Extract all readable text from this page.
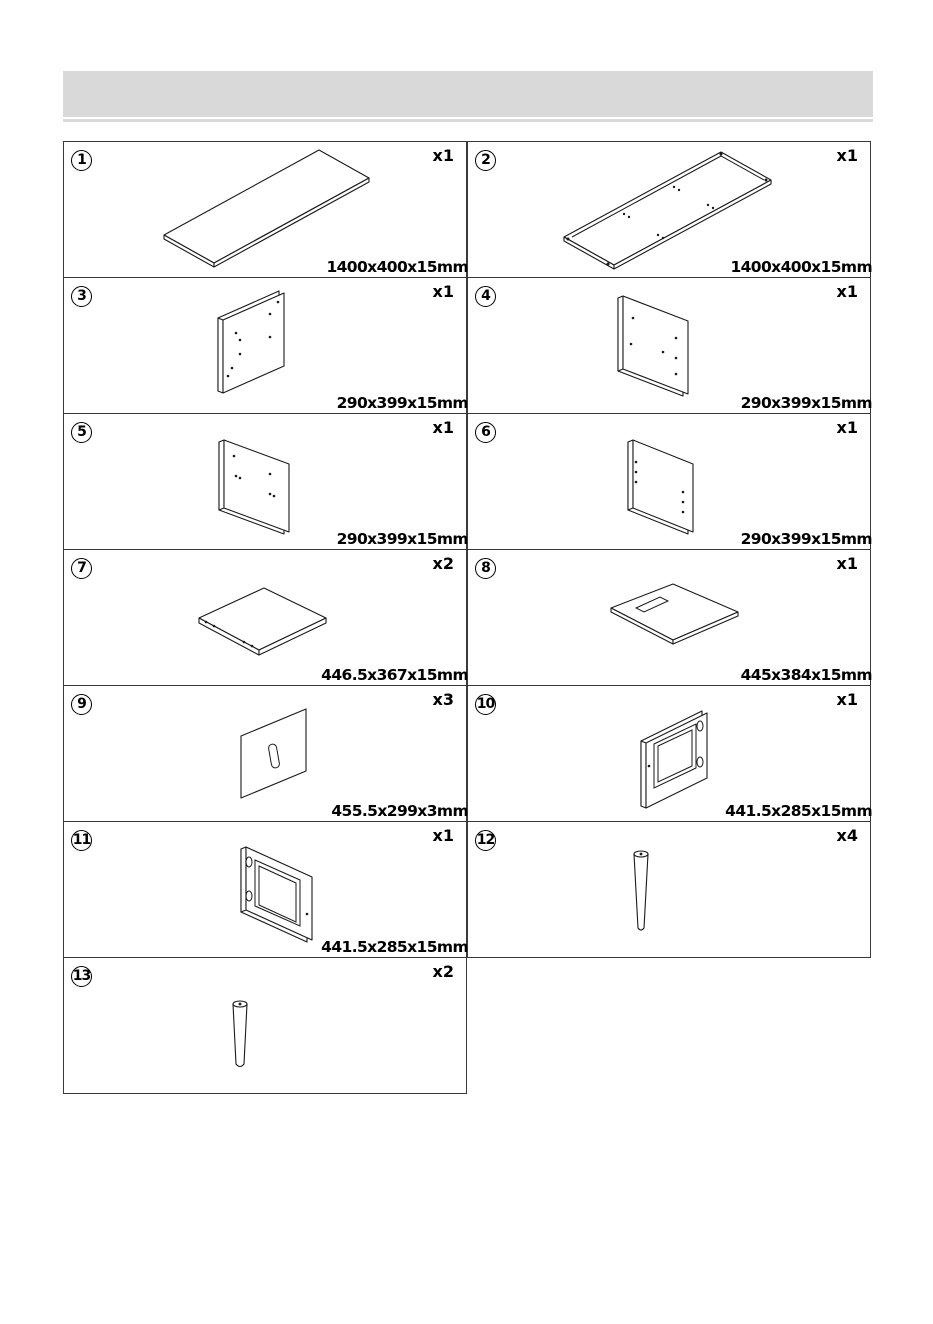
1	x1
1400x400x15mm
2	x1
1400x400x15mm
3	x1
290x399x15mm
4	x1
290x399x15mm
5	x1
290x399x15mm
6	x1
290x399x15mm
7	x2
446.5x367x15mm
8	x1
445x384x15mm
9	x3
455.5x299x3mm
10	x1
441.5x285x15mm
11	x1
441.5x285x15mm
12	x4
13	x2
